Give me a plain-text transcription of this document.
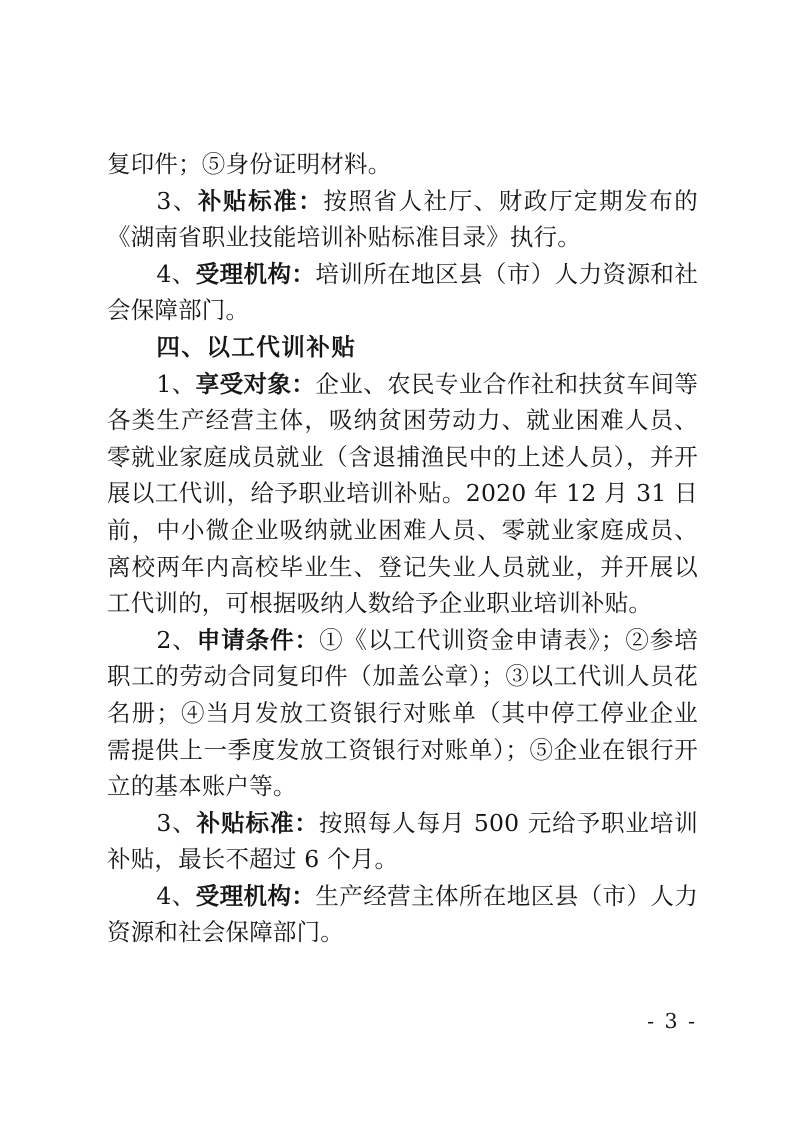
复印件；⑤身份证明材料。

3、补贴标准：按照省人社厅、财政厅定期发布的《湖南省职业技能培训补贴标准目录》执行。

4、受理机构：培训所在地区县（市）人力资源和社会保障部门。

四、以工代训补贴

1、享受对象：企业、农民专业合作社和扶贫车间等各类生产经营主体，吸纳贫困劳动力、就业困难人员、零就业家庭成员就业（含退捕渔民中的上述人员），并开展以工代训，给予职业培训补贴。2020 年 12 月 31 日前，中小微企业吸纳就业困难人员、零就业家庭成员、离校两年内高校毕业生、登记失业人员就业，并开展以工代训的，可根据吸纳人数给予企业职业培训补贴。

2、申请条件：①《以工代训资金申请表》；②参培职工的劳动合同复印件（加盖公章）；③以工代训人员花名册；④当月发放工资银行对账单（其中停工停业企业需提供上一季度发放工资银行对账单）；⑤企业在银行开立的基本账户等。

3、补贴标准：按照每人每月 500 元给予职业培训补贴，最长不超过 6 个月。

4、受理机构：生产经营主体所在地区县（市）人力资源和社会保障部门。

- 3 -
